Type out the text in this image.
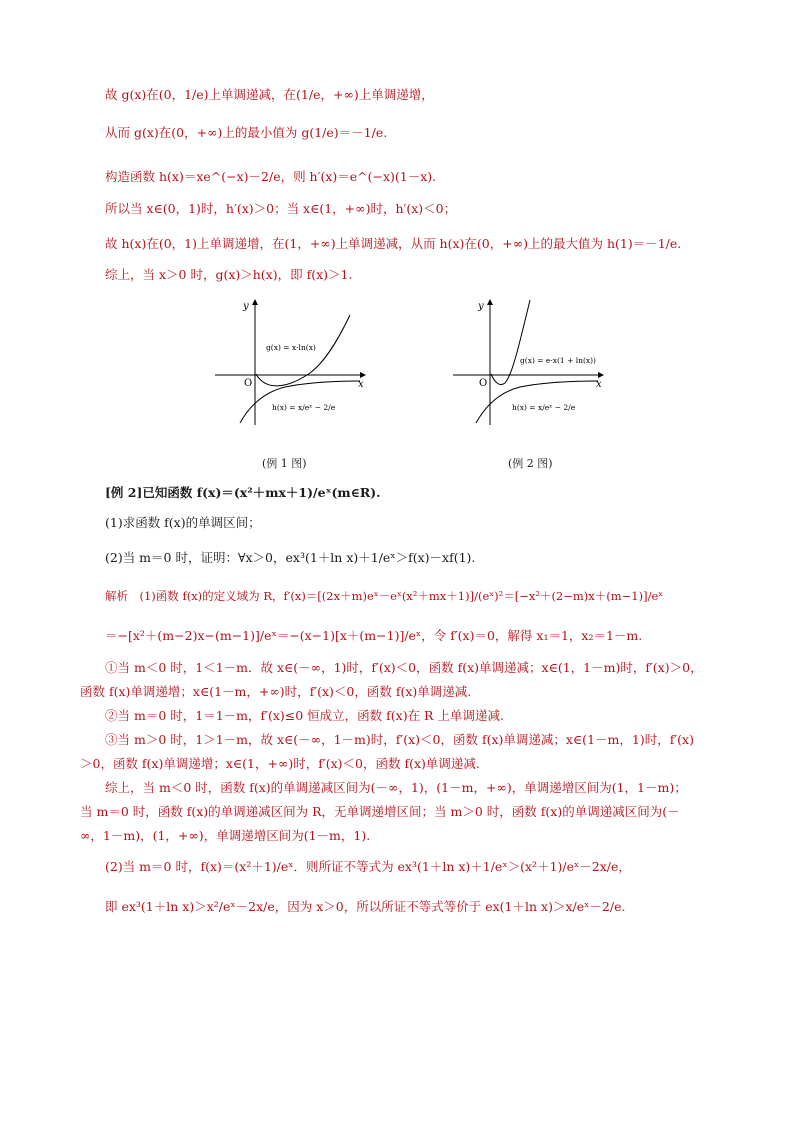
故 g(x)在(0，1/e)上单调递减，在(1/e，+∞)上单调递增，
从而 g(x)在(0，+∞)上的最小值为 g(1/e)＝－1/e.
构造函数 h(x)＝xe^(−x)－2/e，则 h′(x)＝e^(−x)(1－x).
所以当 x∈(0，1)时，h′(x)＞0；当 x∈(1，+∞)时，h′(x)＜0；
故 h(x)在(0，1)上单调递增，在(1，+∞)上单调递减，从而 h(x)在(0，+∞)上的最大值为 h(1)＝－1/e.
综上，当 x＞0 时，g(x)＞h(x)，即 f(x)＞1.
x
y
O
g(x) = x·ln(x)
h(x) = x/eˣ − 2/e
(例 1 图)
x
y
O
g(x) = e·x(1 + ln(x))
h(x) = x/eˣ − 2/e
(例 2 图)
[例 2]已知函数 f(x)＝(x²＋mx＋1)/eˣ(m∈R).
(1)求函数 f(x)的单调区间；
(2)当 m＝0 时，证明：∀x＞0，ex³(1＋ln x)＋1/eˣ＞f(x)－xf(1).
解析　(1)函数 f(x)的定义域为 R，f′(x)＝[(2x＋m)eˣ－eˣ(x²＋mx＋1)]/(eˣ)²＝[−x²＋(2−m)x＋(m−1)]/eˣ
＝−[x²＋(m−2)x−(m−1)]/eˣ＝−(x−1)[x＋(m−1)]/eˣ，令 f′(x)＝0，解得 x₁＝1，x₂＝1－m.
①当 m＜0 时，1＜1－m．故 x∈(－∞，1)时，f′(x)＜0，函数 f(x)单调递减；x∈(1，1－m)时，f′(x)＞0，
函数 f(x)单调递增；x∈(1－m，+∞)时，f′(x)＜0，函数 f(x)单调递减.
②当 m＝0 时，1＝1－m，f′(x)≤0 恒成立，函数 f(x)在 R 上单调递减.
③当 m＞0 时，1＞1－m，故 x∈(－∞，1－m)时，f′(x)＜0，函数 f(x)单调递减；x∈(1－m，1)时，f′(x)
＞0，函数 f(x)单调递增；x∈(1，+∞)时，f′(x)＜0，函数 f(x)单调递减.
综上，当 m＜0 时，函数 f(x)的单调递减区间为(－∞，1)，(1－m，+∞)，单调递增区间为(1，1－m)；
当 m＝0 时，函数 f(x)的单调递减区间为 R，无单调递增区间；当 m＞0 时，函数 f(x)的单调递减区间为(－
∞，1－m)，(1，+∞)，单调递增区间为(1－m，1).
(2)当 m＝0 时，f(x)＝(x²＋1)/eˣ．则所证不等式为 ex³(1＋ln x)＋1/eˣ＞(x²＋1)/eˣ－2x/e，
即 ex³(1＋ln x)＞x²/eˣ－2x/e，因为 x＞0，所以所证不等式等价于 ex(1＋ln x)＞x/eˣ－2/e.
